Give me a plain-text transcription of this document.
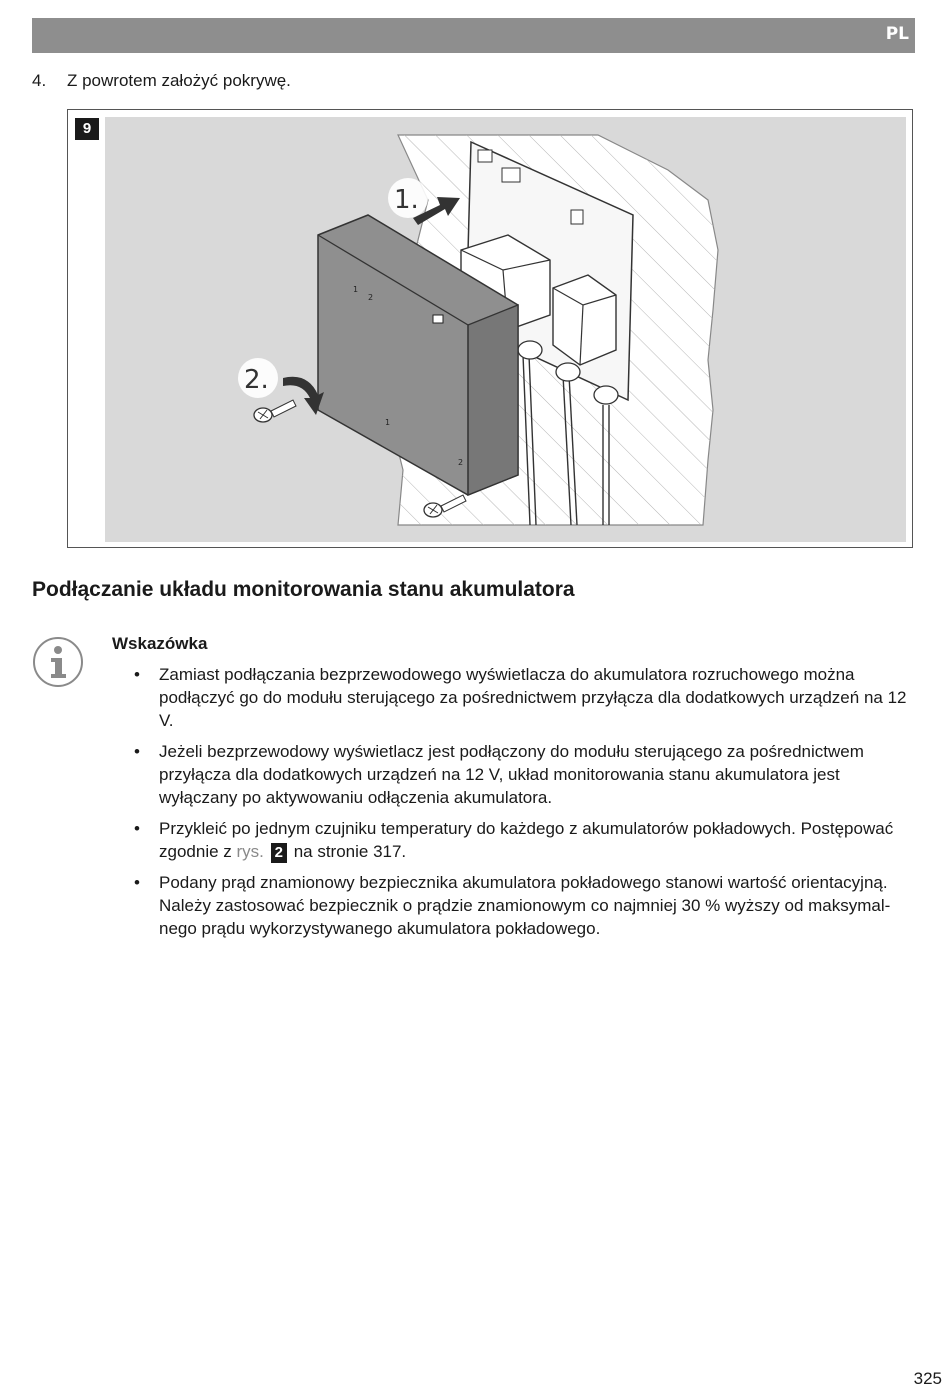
PL
4. Z powrotem założyć pokrywę.
9
1
2
1
2
1.
2.
Podłączanie układu monitorowania stanu akumulatora
Wskazówka
• Zamiast podłączania bezprzewodowego wyświetlacza do akumulatora rozruchowego można podłączyć go do modułu sterującego za pośrednictwem przyłącza dla dodatkowych urządzeń na 12 V.
• Jeżeli bezprzewodowy wyświetlacz jest podłączony do modułu sterującego za pośrednictwem przyłącza dla dodatkowych urządzeń na 12 V, układ monitorowania stanu akumulatora jest wyłączany po aktywowaniu odłączenia akumulatora.
• Przykleić po jednym czujniku temperatury do każdego z akumulatorów pokładowych. Postępować zgodnie z rys. 2 na stronie 317.
• Podany prąd znamionowy bezpiecznika akumulatora pokładowego stanowi wartość orientacyjną. Należy zastosować bezpiecznik o prądzie znamionowym co najmniej 30 % wyższy od maksymal-nego prądu wykorzystywanego akumulatora pokładowego.
325
